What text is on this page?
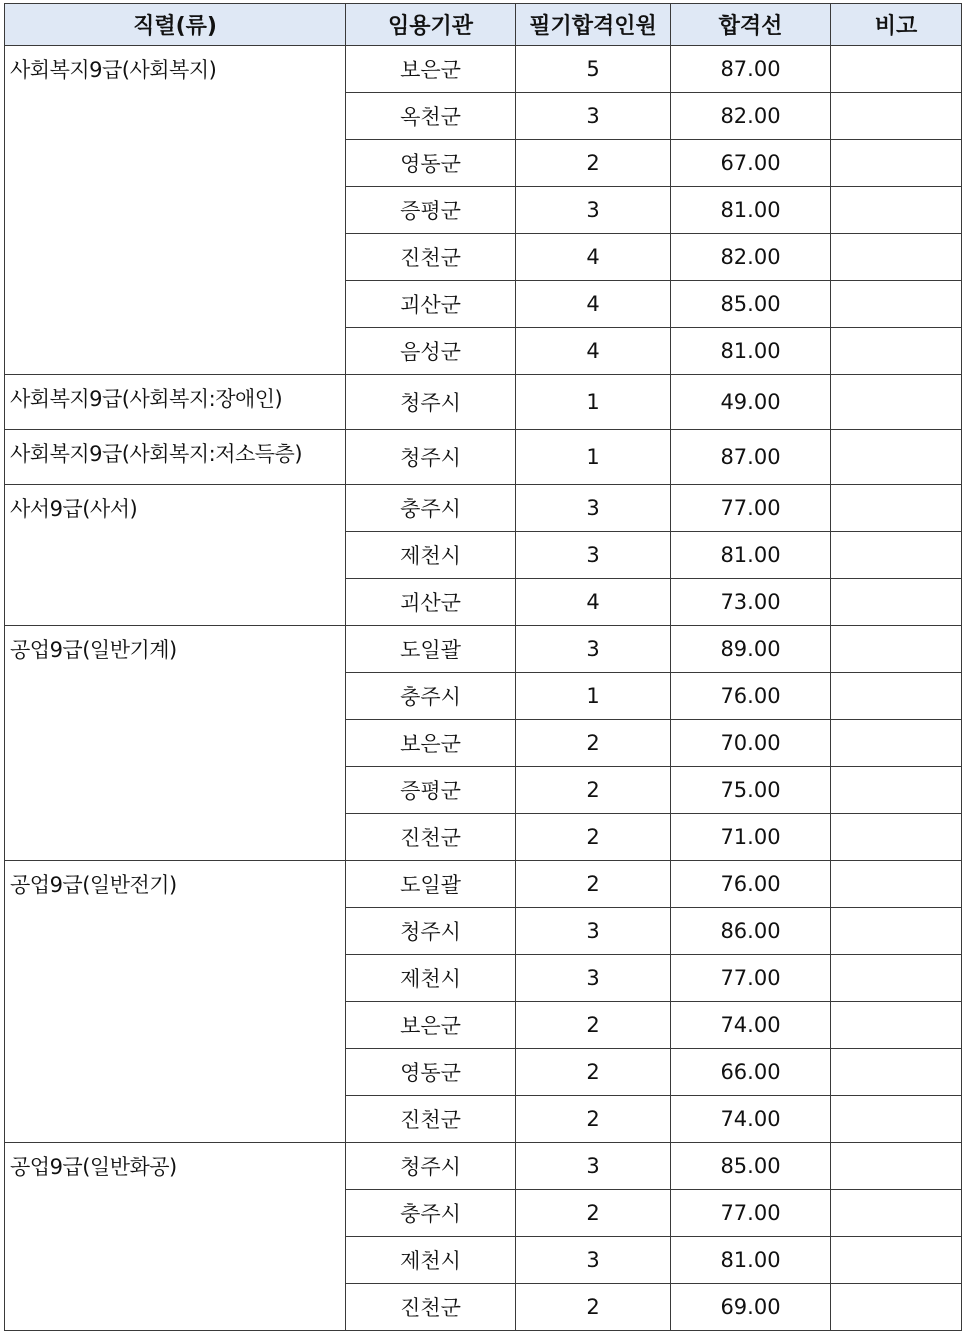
직렬(류)	임용기관	필기합격인원	합격선	비고
사회복지9급(사회복지)	보은군	5	87.00	
	옥천군	3	82.00	
	영동군	2	67.00	
	증평군	3	81.00	
	진천군	4	82.00	
	괴산군	4	85.00	
	음성군	4	81.00	
사회복지9급(사회복지:장애인)	청주시	1	49.00	
사회복지9급(사회복지:저소득층)	청주시	1	87.00	
사서9급(사서)	충주시	3	77.00	
	제천시	3	81.00	
	괴산군	4	73.00	
공업9급(일반기계)	도일괄	3	89.00	
	충주시	1	76.00	
	보은군	2	70.00	
	증평군	2	75.00	
	진천군	2	71.00	
공업9급(일반전기)	도일괄	2	76.00	
	청주시	3	86.00	
	제천시	3	77.00	
	보은군	2	74.00	
	영동군	2	66.00	
	진천군	2	74.00	
공업9급(일반화공)	청주시	3	85.00	
	충주시	2	77.00	
	제천시	3	81.00	
	진천군	2	69.00	
